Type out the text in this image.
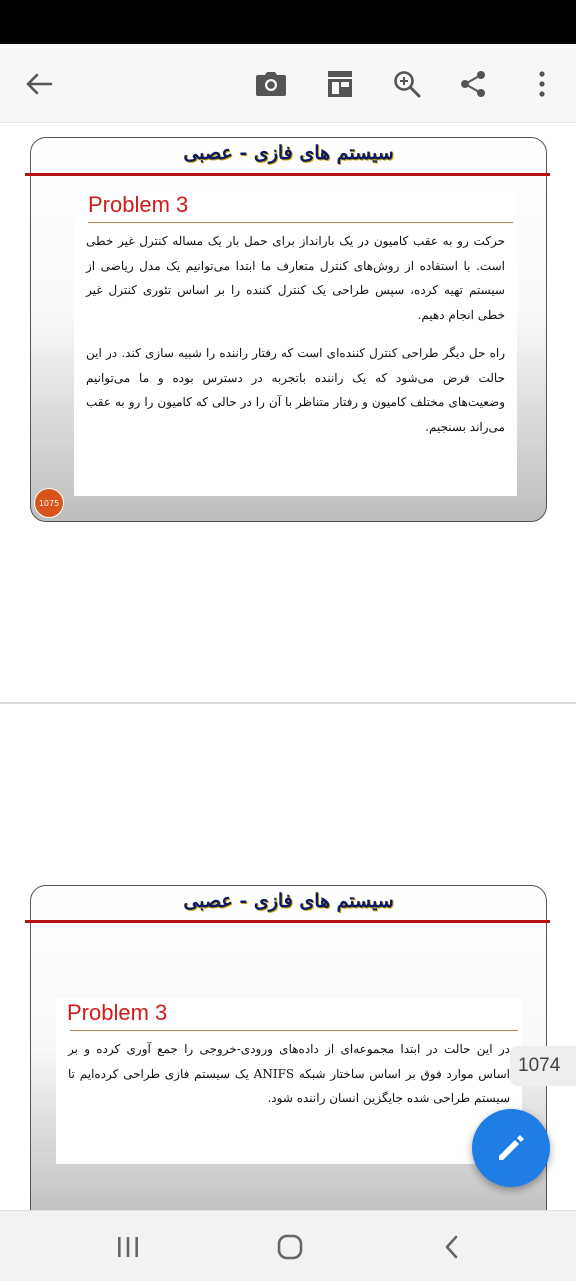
سیستم های فازی - عصبی
Problem 3
حرکت رو به عقب کامیون در یک بارانداز برای حمل بار یک مساله کنترل غیر خطی است. با استفاده از روش‌های کنترل متعارف ما ابتدا می‌توانیم یک مدل ریاضی از سیستم تهیه کرده، سپس طراحی یک کنترل کننده را بر اساس تئوری کنترل غیر خطی انجام دهیم.
راه حل دیگر طراحی کنترل کننده‌ای است که رفتار راننده را شبیه سازی کند. در این حالت فرض می‌شود که یک راننده باتجربه در دسترس بوده و ما می‌توانیم وضعیت‌های مختلف کامیون و رفتار متناظر با آن را در حالی که کامیون را رو به عقب می‌راند بسنجیم.
1075
سیستم های فازی - عصبی
Problem 3
در این حالت در ابتدا مجموعه‌ای از داده‌های ورودی-خروجی را جمع آوری کرده و بر اساس موارد فوق بر اساس ساختار شبکه ANIFS یک سیستم فازی طراحی کرده‌ایم تا سیستم طراحی شده جایگزین انسان راننده شود.
1074
